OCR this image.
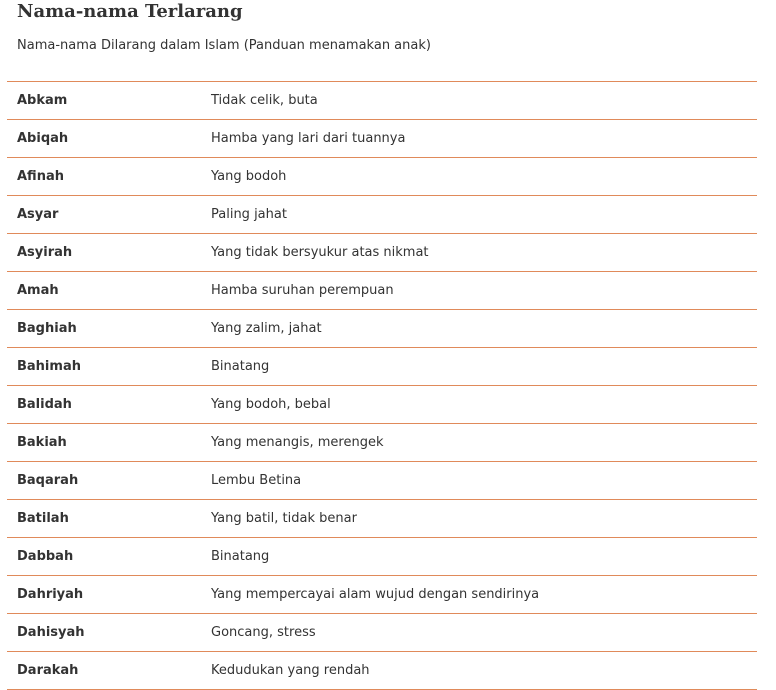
Nama-nama Terlarang

Nama-nama Dilarang dalam Islam (Panduan menamakan anak)

Abkam	Tidak celik, buta
Abiqah	Hamba yang lari dari tuannya
Afinah	Yang bodoh
Asyar	Paling jahat
Asyirah	Yang tidak bersyukur atas nikmat
Amah	Hamba suruhan perempuan
Baghiah	Yang zalim, jahat
Bahimah	Binatang
Balidah	Yang bodoh, bebal
Bakiah	Yang menangis, merengek
Baqarah	Lembu Betina
Batilah	Yang batil, tidak benar
Dabbah	Binatang
Dahriyah	Yang mempercayai alam wujud dengan sendirinya
Dahisyah	Goncang, stress
Darakah	Kedudukan yang rendah
